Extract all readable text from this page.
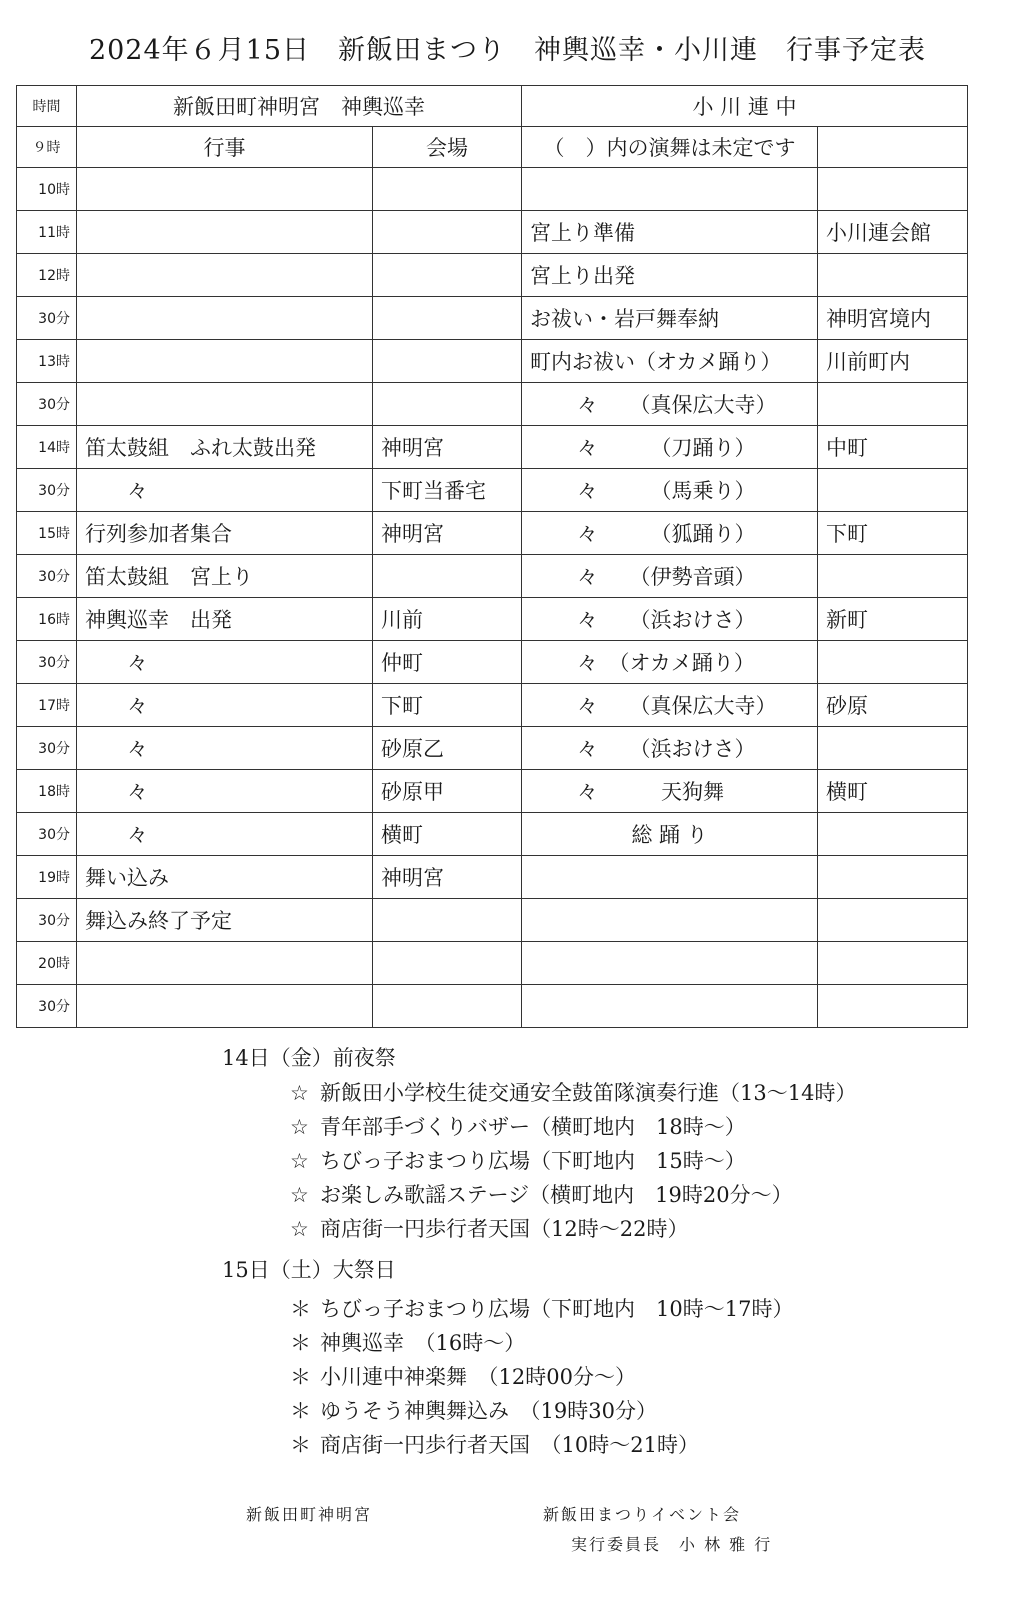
2024年６月15日　新飯田まつり　神輿巡幸・小川連　行事予定表
時間	新飯田町神明宮　神輿巡幸		小 川 連 中	
９時	行事	会場	（　）内の演舞は未定です	
10時				
11時			宮上り準備	小川連会館
12時			宮上り出発	
30分			お祓い・岩戸舞奉納	神明宮境内
13時			町内お祓い（オカメ踊り）	川前町内
30分			々　　（真保広大寺）	
14時	笛太鼓組　ふれ太鼓出発	神明宮	々　　　（刀踊り）	中町
30分	々	下町当番宅	々　　　（馬乗り）	
15時	行列参加者集合	神明宮	々　　　（狐踊り）	下町
30分	笛太鼓組　宮上り		々　　（伊勢音頭）	
16時	神輿巡幸　出発	川前	々　　（浜おけさ）	新町
30分	々	仲町	々　（オカメ踊り）	
17時	々	下町	々　　（真保広大寺）	砂原
30分	々	砂原乙	々　　（浜おけさ）	
18時	々	砂原甲	々　　　天狗舞	横町
30分	々	横町	総 踊 り	
19時	舞い込み	神明宮		
30分	舞込み終了予定			
20時				
30分				
14日（金）前夜祭
☆ 新飯田小学校生徒交通安全鼓笛隊演奏行進（13～14時）
☆ 青年部手づくりバザー（横町地内　18時～）
☆ ちびっ子おまつり広場（下町地内　15時～）
☆ お楽しみ歌謡ステージ（横町地内　19時20分～）
☆ 商店街一円歩行者天国（12時～22時）
15日（土）大祭日
＊ ちびっ子おまつり広場（下町地内　10時～17時）
＊ 神輿巡幸　（16時～）
＊ 小川連中神楽舞　（12時00分～）
＊ ゆうそう神輿舞込み　（19時30分）
＊ 商店街一円歩行者天国　（10時～21時）
新飯田町神明宮	新飯田まつりイベント会
実行委員長　小 林 雅 行
